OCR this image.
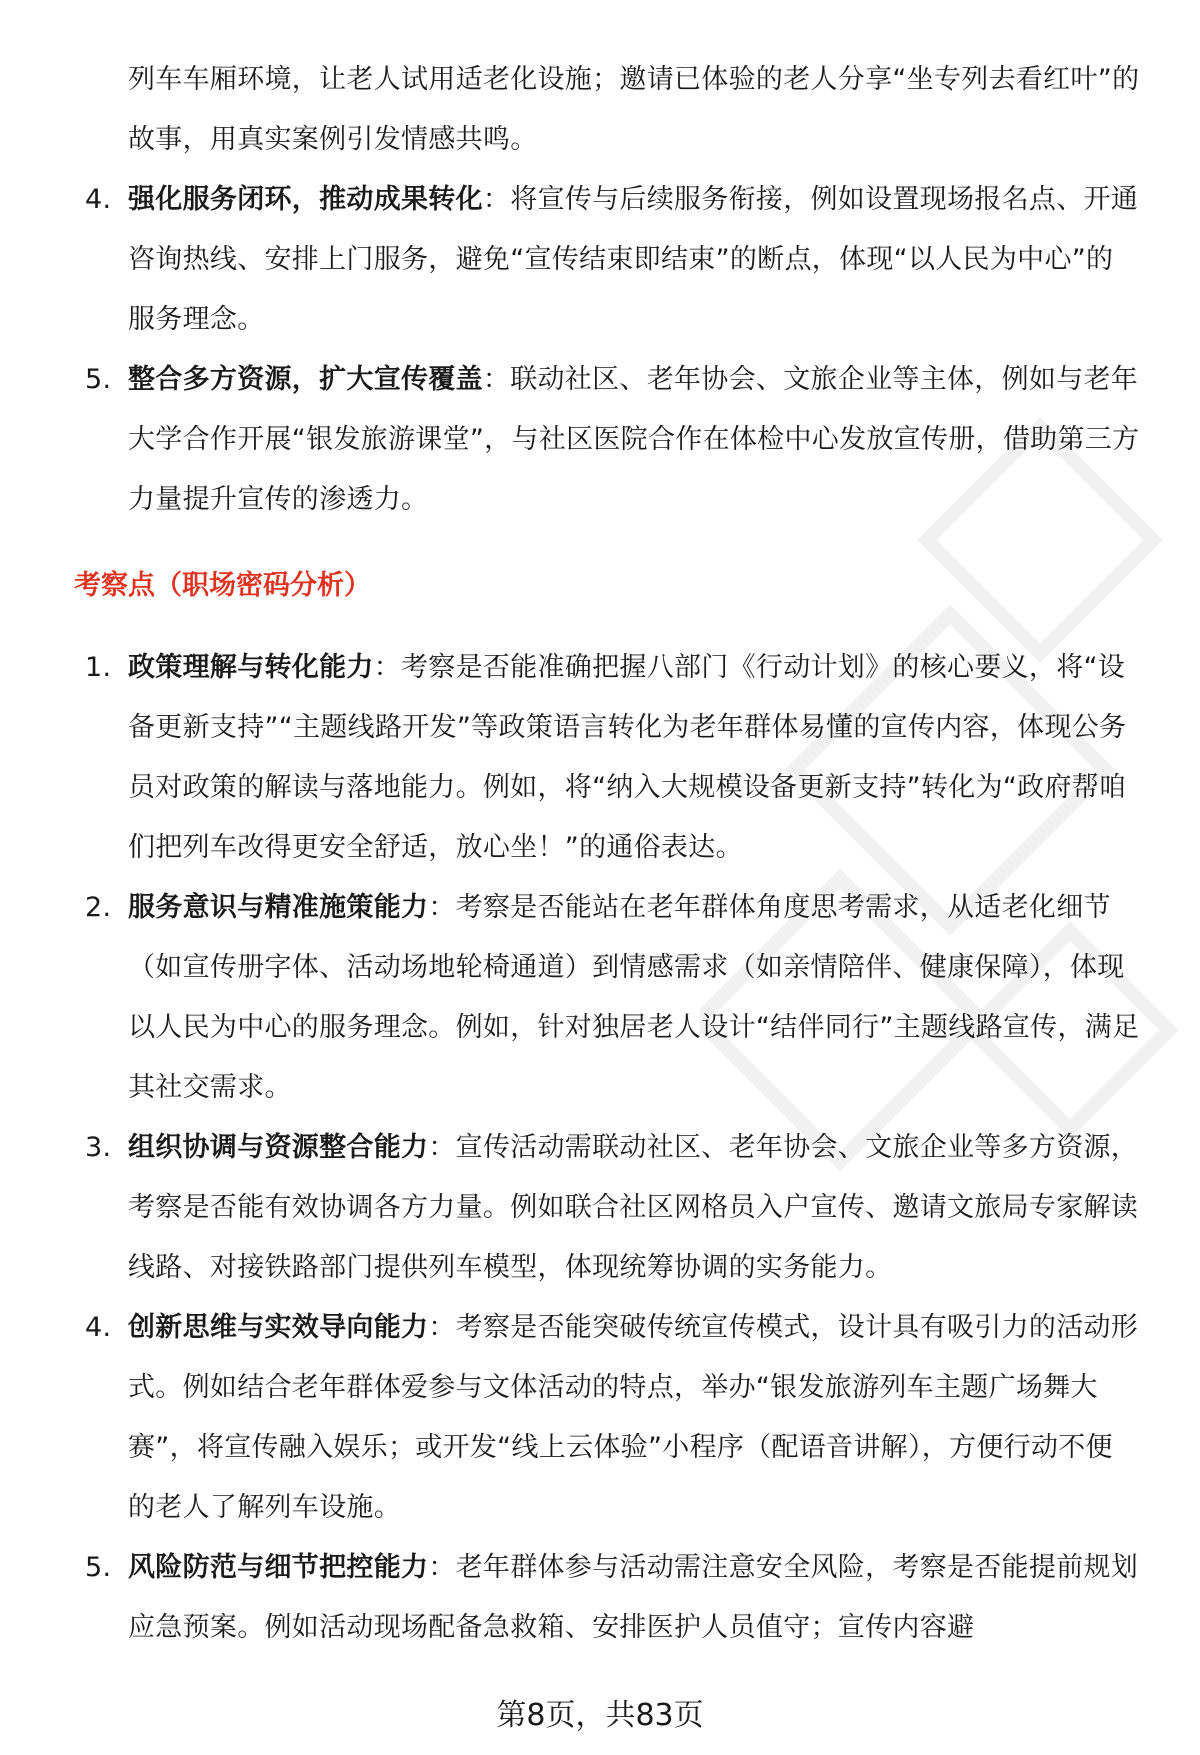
列车车厢环境，让老人试用适老化设施；邀请已体验的老人分享“坐专列去看红叶”的故事，用真实案例引发情感共鸣。

4. 强化服务闭环，推动成果转化：将宣传与后续服务衔接，例如设置现场报名点、开通咨询热线、安排上门服务，避免“宣传结束即结束”的断点，体现“以人民为中心”的服务理念。
5. 整合多方资源，扩大宣传覆盖：联动社区、老年协会、文旅企业等主体，例如与老年大学合作开展“银发旅游课堂”，与社区医院合作在体检中心发放宣传册，借助第三方力量提升宣传的渗透力。
考察点（职场密码分析）
1. 政策理解与转化能力：考察是否能准确把握八部门《行动计划》的核心要义，将“设备更新支持”“主题线路开发”等政策语言转化为老年群体易懂的宣传内容，体现公务员对政策的解读与落地能力。例如，将“纳入大规模设备更新支持”转化为“政府帮咱们把列车改得更安全舒适，放心坐！”的通俗表达。
2. 服务意识与精准施策能力：考察是否能站在老年群体角度思考需求，从适老化细节（如宣传册字体、活动场地轮椅通道）到情感需求（如亲情陪伴、健康保障），体现以人民为中心的服务理念。例如，针对独居老人设计“结伴同行”主题线路宣传，满足其社交需求。
3. 组织协调与资源整合能力：宣传活动需联动社区、老年协会、文旅企业等多方资源，考察是否能有效协调各方力量。例如联合社区网格员入户宣传、邀请文旅局专家解读线路、对接铁路部门提供列车模型，体现统筹协调的实务能力。
4. 创新思维与实效导向能力：考察是否能突破传统宣传模式，设计具有吸引力的活动形式。例如结合老年群体爱参与文体活动的特点，举办“银发旅游列车主题广场舞大赛”，将宣传融入娱乐；或开发“线上云体验”小程序（配语音讲解），方便行动不便的老人了解列车设施。
5. 风险防范与细节把控能力：老年群体参与活动需注意安全风险，考察是否能提前规划应急预案。例如活动现场配备急救箱、安排医护人员值守；宣传内容避
第8页，共83页
